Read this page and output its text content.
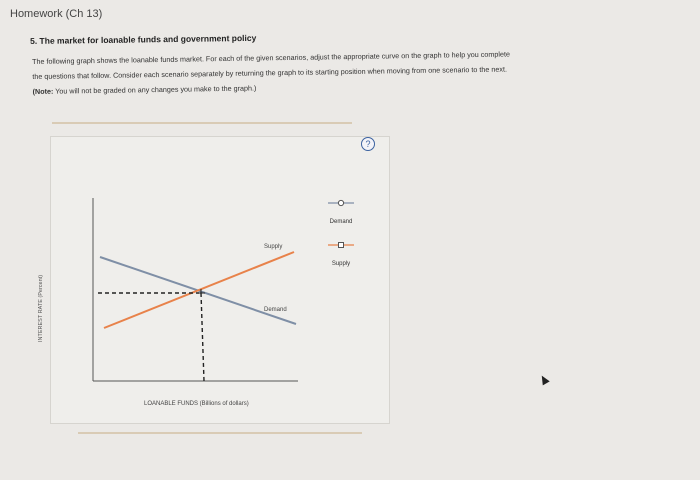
Homework (Ch 13)
5. The market for loanable funds and government policy

The following graph shows the loanable funds market. For each of the given scenarios, adjust the appropriate curve on the graph to help you complete

the questions that follow. Consider each scenario separately by returning the graph to its starting position when moving from one scenario to the next.

(Note: You will not be graded on any changes you make to the graph.)

?
Demand
Supply
Supply
Demand
INTEREST RATE (Percent)
LOANABLE FUNDS (Billions of dollars)
